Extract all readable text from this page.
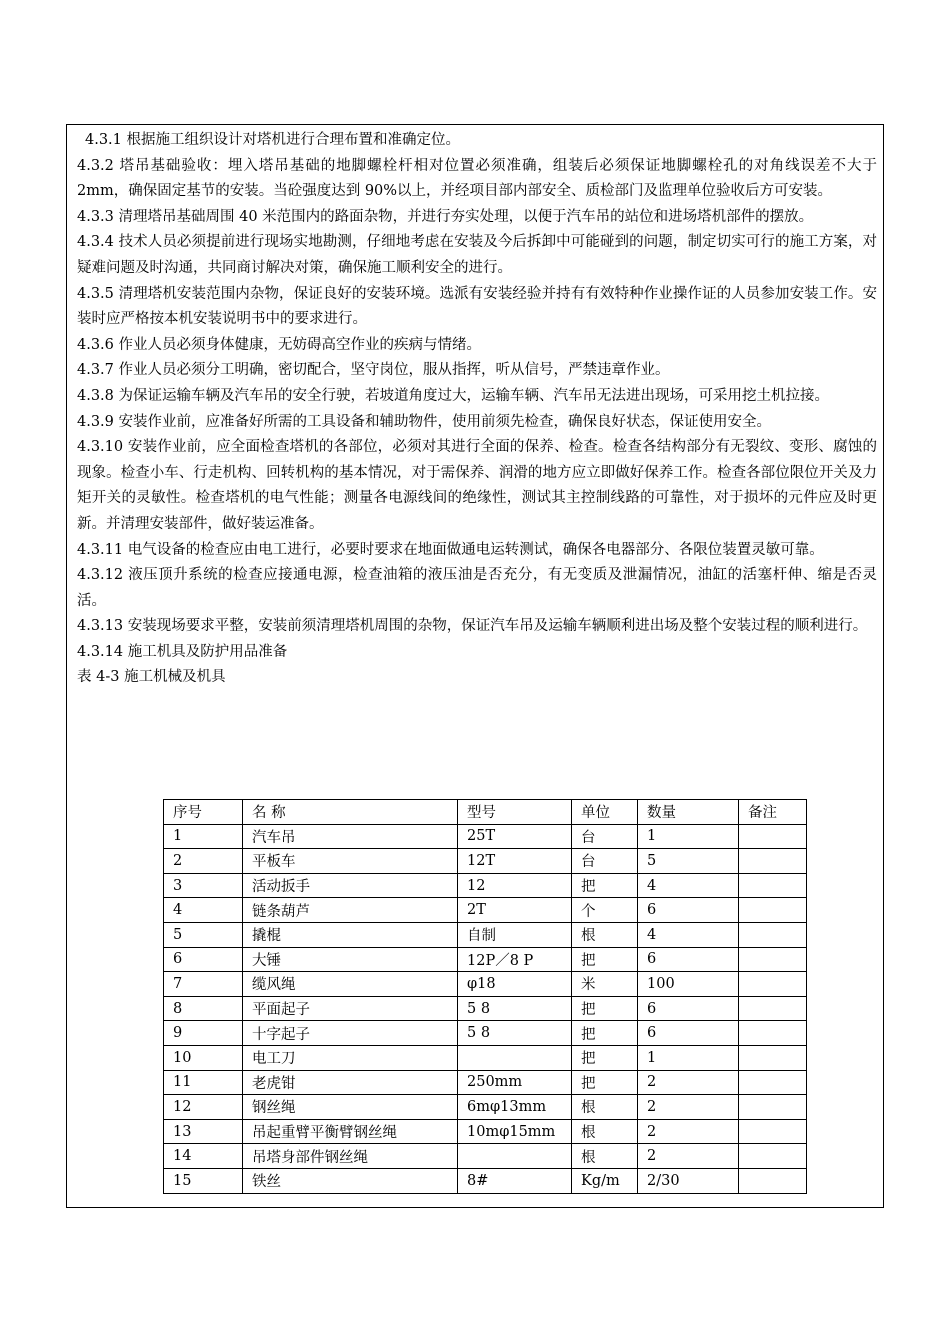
4.3.1 根据施工组织设计对塔机进行合理布置和准确定位。

4.3.2 塔吊基础验收：埋入塔吊基础的地脚螺栓杆相对位置必须准确，组装后必须保证地脚螺栓孔的对角线误差不大于 2mm，确保固定基节的安装。当砼强度达到 90%以上，并经项目部内部安全、质检部门及监理单位验收后方可安装。

4.3.3 清理塔吊基础周围 40 米范围内的路面杂物，并进行夯实处理，以便于汽车吊的站位和进场塔机部件的摆放。

4.3.4 技术人员必须提前进行现场实地勘测，仔细地考虑在安装及今后拆卸中可能碰到的问题，制定切实可行的施工方案，对疑难问题及时沟通，共同商讨解决对策，确保施工顺利安全的进行。

4.3.5 清理塔机安装范围内杂物，保证良好的安装环境。选派有安装经验并持有有效特种作业操作证的人员参加安装工作。安装时应严格按本机安装说明书中的要求进行。

4.3.6 作业人员必须身体健康，无妨碍高空作业的疾病与情绪。

4.3.7 作业人员必须分工明确，密切配合，坚守岗位，服从指挥，听从信号，严禁违章作业。

4.3.8 为保证运输车辆及汽车吊的安全行驶，若坡道角度过大，运输车辆、汽车吊无法进出现场，可采用挖土机拉接。

4.3.9 安装作业前，应准备好所需的工具设备和辅助物件，使用前须先检查，确保良好状态，保证使用安全。

4.3.10 安装作业前，应全面检查塔机的各部位，必须对其进行全面的保养、检查。检查各结构部分有无裂纹、变形、腐蚀的现象。检查小车、行走机构、回转机构的基本情况，对于需保养、润滑的地方应立即做好保养工作。检查各部位限位开关及力矩开关的灵敏性。检查塔机的电气性能；测量各电源线间的绝缘性，测试其主控制线路的可靠性，对于损坏的元件应及时更新。并清理安装部件，做好装运准备。

4.3.11 电气设备的检查应由电工进行，必要时要求在地面做通电运转测试，确保各电器部分、各限位装置灵敏可靠。

4.3.12 液压顶升系统的检查应接通电源，检查油箱的液压油是否充分，有无变质及泄漏情况，油缸的活塞杆伸、缩是否灵活。

4.3.13 安装现场要求平整，安装前须清理塔机周围的杂物，保证汽车吊及运输车辆顺利进出场及整个安装过程的顺利进行。

4.3.14 施工机具及防护用品准备

表 4-3 施工机械及机具

序号	名 称	型号	单位	数量	备注
1	汽车吊	25T	台	1	
2	平板车	12T	台	5	
3	活动扳手	12	把	4	
4	链条葫芦	2T	个	6	
5	撬棍	自制	根	4	
6	大锤	12P／8 P	把	6	
7	缆风绳	φ18	米	100	
8	平面起子	5 8	把	6	
9	十字起子	5 8	把	6	
10	电工刀		把	1	
11	老虎钳	250mm	把	2	
12	钢丝绳	6mφ13mm	根	2	
13	吊起重臂平衡臂钢丝绳	10mφ15mm	根	2	
14	吊塔身部件钢丝绳		根	2	
15	铁丝	8#	Kg/m	2/30	
